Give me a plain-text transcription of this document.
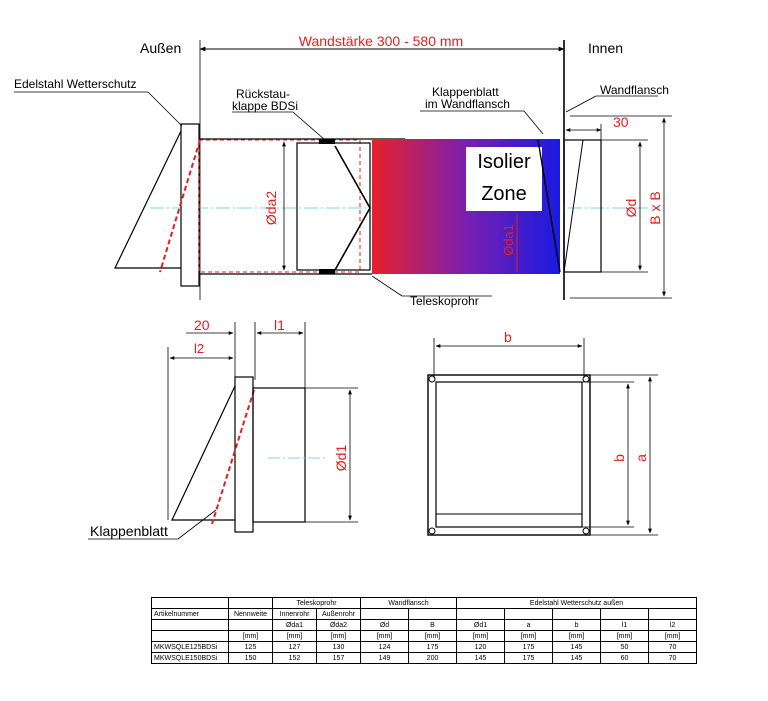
Wandstärke 300 - 580 mm
Außen	Innen
Edelstahl Wetterschutz
Ødа2
Rückstau-
klappe BDSi
Isolier
Zone
Øda1
Klappenblatt
im Wandflansch
Wandflansch
30
Ød B x B
Teleskoprohr
20	l1
l2
Ød1
Klappenblatt
b
b a
		Teleskoprohr		Wandflansch		Edelstahl Wetterschutz außen				
Artikelnummer	Nennweite	Innenrohr	Außenrohr							
		Øda1	Øda2	Ød	B	Ød1	a	b	l1	l2
	[mm]	[mm]	[mm]	[mm]	[mm]	[mm]	[mm]	[mm]	[mm]	[mm]
MKWSQLE125BDSi	125	127	130	124	175	120	175	145	50	70
MKWSQLE150BDSi	150	152	157	149	200	145	175	145	60	70
